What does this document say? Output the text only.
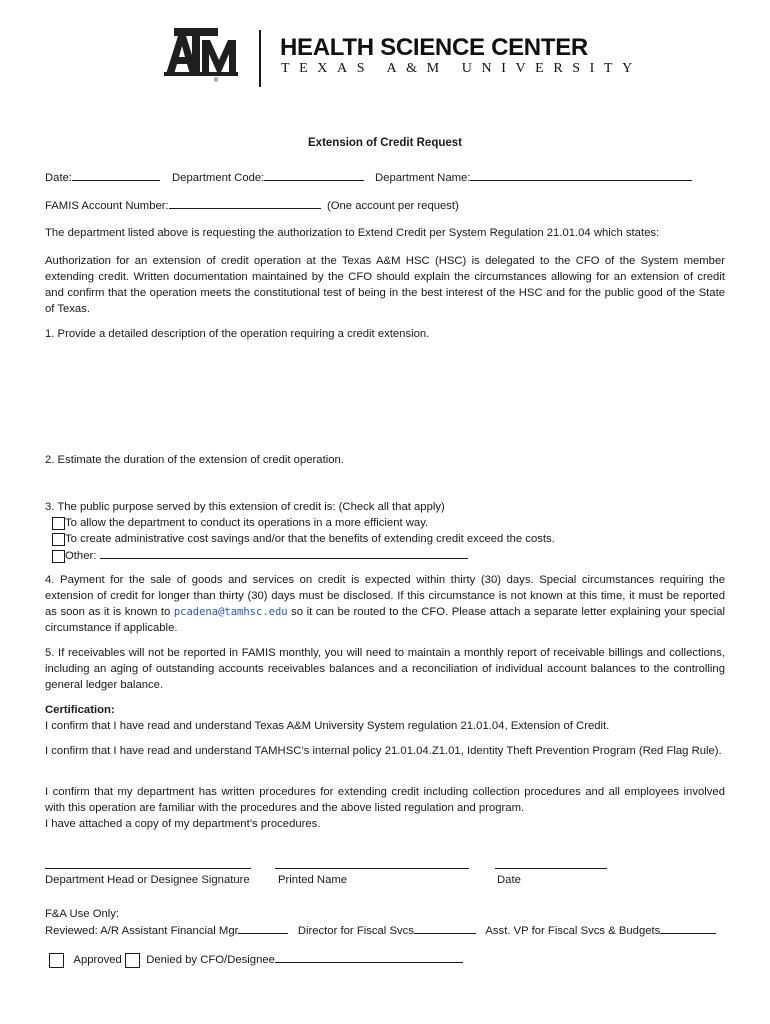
®
HEALTH SCIENCE CENTER
TEXAS A&M UNIVERSITY
Extension of Credit Request
Date:	Department Code:	Department Name:
FAMIS Account Number:	(One account per request)
The department listed above is requesting the authorization to Extend Credit per System Regulation 21.01.04 which states:
Authorization for an extension of credit operation at the Texas A&M HSC (HSC) is delegated to the CFO of the System member extending credit. Written documentation maintained by the CFO should explain the circumstances allowing for an extension of credit and confirm that the operation meets the constitutional test of being in the best interest of the HSC and for the public good of the State of Texas.
1. Provide a detailed description of the operation requiring a credit extension.
2. Estimate the duration of the extension of credit operation.
3. The public purpose served by this extension of credit is: (Check all that apply)
To allow the department to conduct its operations in a more efficient way.
To create administrative cost savings and/or that the benefits of extending credit exceed the costs.
Other:
4. Payment for the sale of goods and services on credit is expected within thirty (30) days. Special circumstances requiring the extension of credit for longer than thirty (30) days must be disclosed. If this circumstance is not known at this time, it must be reported as soon as it is known to pcadena@tamhsc.edu so it can be routed to the CFO. Please attach a separate letter explaining your special circumstance if applicable.
5. If receivables will not be reported in FAMIS monthly, you will need to maintain a monthly report of receivable billings and collections, including an aging of outstanding accounts receivables balances and a reconciliation of individual account balances to the controlling general ledger balance.
Certification:
I confirm that I have read and understand Texas A&M University System regulation 21.01.04, Extension of Credit.
I confirm that I have read and understand TAMHSC’s internal policy 21.01.04.Z1.01, Identity Theft Prevention Program (Red Flag Rule).
I confirm that my department has written procedures for extending credit including collection procedures and all employees involved with this operation are familiar with the procedures and the above listed regulation and program.
I have attached a copy of my department’s procedures.
Department Head or Designee Signature	Printed Name	Date
F&A Use Only:
Reviewed: A/R Assistant Financial Mgr	Director for Fiscal Svcs	Asst. VP for Fiscal Svcs & Budgets
Approved Denied by CFO/Designee
